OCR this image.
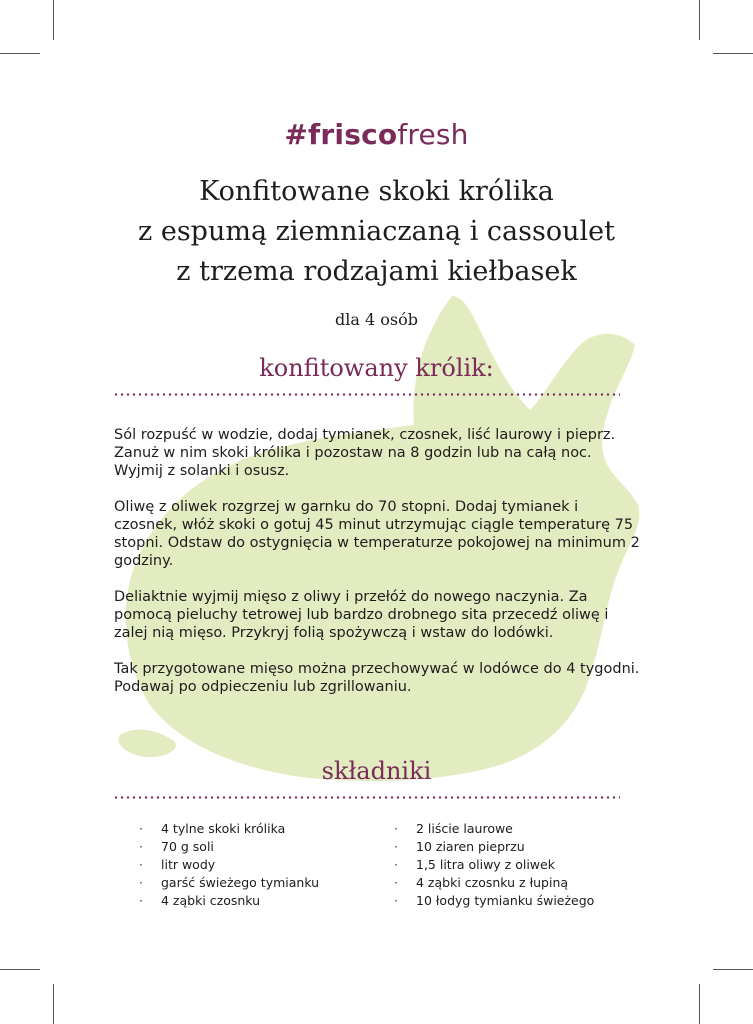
#friscofresh
Konfitowane skoki królika
z espumą ziemniaczaną i cassoulet
z trzema rodzajami kiełbasek
dla 4 osób
konfitowany królik:

Sól rozpuść w wodzie, dodaj tymianek, czosnek, liść laurowy i pieprz. Zanuż w nim skoki królika i pozostaw na 8 godzin lub na całą noc. Wyjmij z solanki i osusz.

Oliwę z oliwek rozgrzej w garnku do 70 stopni. Dodaj tymianek i czosnek, włóż skoki o gotuj 45 minut utrzymując ciągle temperaturę 75 stopni. Odstaw do ostygnięcia w temperaturze pokojowej na minimum 2 godziny.

Deliaktnie wyjmij mięso z oliwy i przełóż do nowego naczynia. Za pomocą pieluchy tetrowej lub bardzo drobnego sita przecedź oliwę i zalej nią mięso. Przykryj folią spożywczą i wstaw do lodówki.

Tak przygotowane mięso można przechowywać w lodówce do 4 tygodni. Podawaj po odpieczeniu lub zgrillowaniu.

składniki
· 4 tylne skoki królika
· 70 g soli
· litr wody
· garść świeżego tymianku
· 4 ząbki czosnku
· 2 liście laurowe
· 10 ziaren pieprzu
· 1,5 litra oliwy z oliwek
· 4 ząbki czosnku z łupiną
· 10 łodyg tymianku świeżego
